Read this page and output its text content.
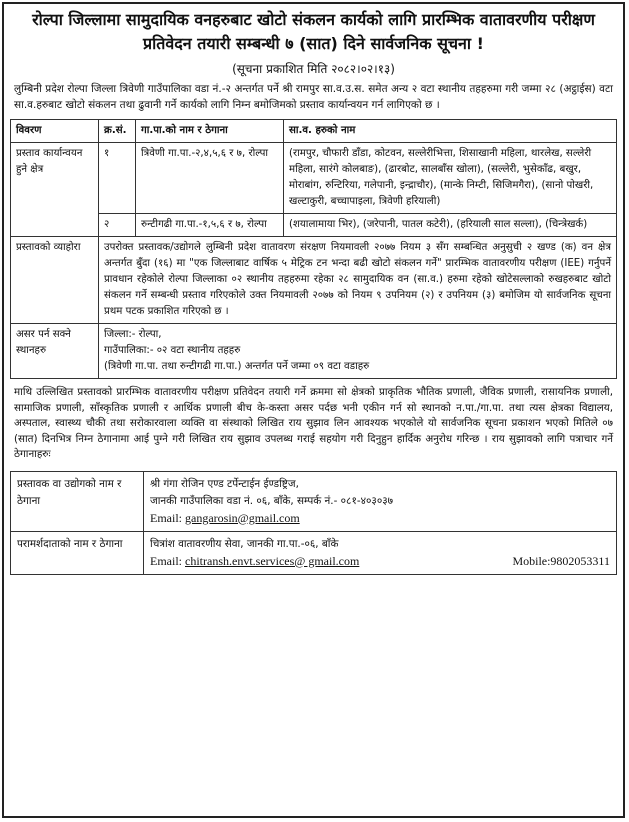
रोल्पा जिल्लामा सामुदायिक वनहरुबाट खोटो संकलन कार्यको लागि प्रारम्भिक वातावरणीय परीक्षण प्रतिवेदन तयारी सम्बन्धी ७ (सात) दिने सार्वजनिक सूचना !
(सूचना प्रकाशित मिति २०८२।०२।१३)
लुम्बिनी प्रदेश रोल्पा जिल्ला त्रिवेणी गाउँपालिका वडा नं.-२ अन्तर्गत पर्ने श्री रामपुर सा.व.उ.स. समेत अन्य २ वटा स्थानीय तहहरुमा गरी जम्मा २८ (अट्ठाईस) वटा सा.व.हरुबाट खोटो संकलन तथा ढुवानी गर्ने कार्यको लागि निम्न बमोजिमको प्रस्ताव कार्यान्वयन गर्न लागिएको छ ।
विवरण	क्र.सं.	गा.पा.को नाम र ठेगाना	सा.व. हरुको नाम
प्रस्ताव कार्यान्वयन हुने क्षेत्र	१	त्रिवेणी गा.पा.-२,४,५,६ र ७, रोल्पा	(रामपुर, चौफारी डाँडा, कोटवन, सल्लेरीभित्ता, शिसाखानी महिला, थारलेख, सल्लेरी महिला, सारंगे कोलबाङ), (ढारबोट, सालबाँस खोला), (सल्लेरी, भुसेकाँढ, बखुर, मोराबांग, रुन्टिरिया, गलेपानी, इन्द्राचौर), (मान्के निम्टी, सिजिमगैरा), (सानो पोखरी, खल्टाकुरी, बच्चापाइला, त्रिवेणी हरियाली)
	२	रुन्टीगढी गा.पा.-१,५,६ र ७, रोल्पा	(शयालामाया भिर), (जरेपानी, पातल कटेरी), (हरियाली साल सल्ला), (चिन्त्रेखर्क)
प्रस्तावको व्याहोरा	उपरोक्त प्रस्तावक/उद्योगले लुम्बिनी प्रदेश वातावरण संरक्षण नियमावली २०७७ नियम ३ सँग सम्बन्धित अनुसुची २ खण्ड (क) वन क्षेत्र अन्तर्गत बुँदा (१६) मा "एक जिल्लाबाट वार्षिक ५ मेट्रिक टन भन्दा बढी खोटो संकलन गर्ने" प्रारम्भिक वातावरणीय परीक्षण (IEE) गर्नुपर्ने प्रावधान रहेकोले रोल्पा जिल्लाका ०२ स्थानीय तहहरुमा रहेका २८ सामुदायिक वन (सा.व.) हरुमा रहेको खोटेसल्लाको रुखहरुबाट खोटो संकलन गर्ने सम्बन्धी प्रस्ताव गरिएकोले उक्त नियमावली २०७७ को नियम ९ उपनियम (२) र उपनियम (३) बमोजिम यो सार्वजनिक सूचना प्रथम पटक प्रकाशित गरिएको छ ।		
असर पर्न सक्ने स्थानहरु	जिल्ला:- रोल्पा,
गाउँपालिका:- ०२ वटा स्थानीय तहहरु
(त्रिवेणी गा.पा. तथा रुन्टीगढी गा.पा.) अन्तर्गत पर्ने जम्मा ०९ वटा वडाहरु		
माथि उल्लिखित प्रस्तावको प्रारम्भिक वातावरणीय परीक्षण प्रतिवेदन तयारी गर्ने क्रममा सो क्षेत्रको प्राकृतिक भौतिक प्रणाली, जैविक प्रणाली, रासायनिक प्रणाली, सामाजिक प्रणाली, साँस्कृतिक प्रणाली र आर्थिक प्रणाली बीच के-कस्ता असर पर्दछ भनी एकीन गर्न सो स्थानको न.पा./गा.पा. तथा त्यस क्षेत्रका विद्यालय, अस्पताल, स्वास्थ्य चौकी तथा सरोकारवाला व्यक्ति वा संस्थाको लिखित राय सुझाव लिन आवश्यक भएकोले यो सार्वजनिक सूचना प्रकाशन भएको मितिले ०७ (सात) दिनभित्र निम्न ठेगानामा आई पुग्ने गरी लिखित राय सुझाव उपलब्ध गराई सहयोग गरी दिनुहुन हार्दिक अनुरोध गरिन्छ । राय सुझावको लागि पत्राचार गर्ने ठेगानाहरुः
प्रस्तावक वा उद्योगको नाम र ठेगाना	श्री गंगा रोजिन एण्ड टर्पेन्टाईन ईण्डष्ट्रिज,
जानकी गाउँपालिका वडा नं. ०६, बाँके, सम्पर्क नं.- ०८१-४०३०३७
Email: gangarosin@gmail.com

परामर्शदाताको नाम र ठेगाना	चित्रांश वातावरणीय सेवा, जानकी गा.पा.-०६, बाँके
Mobile:9802053311
Email: chitransh.envt.services@ gmail.com
